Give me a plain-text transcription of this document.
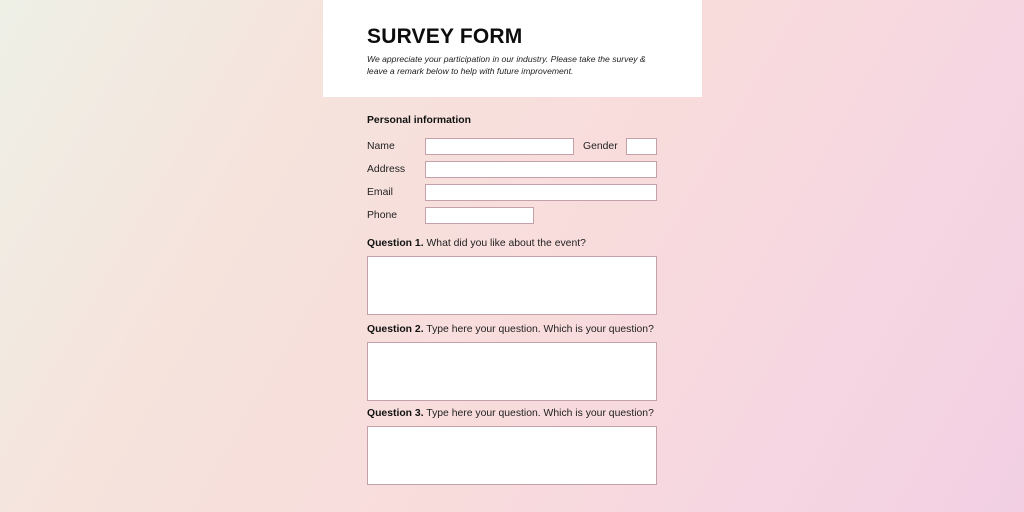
SURVEY FORM

We appreciate your participation in our industry. Please take the survey & leave a remark below to help with future improvement.

Personal information
Name	Gender
Address
Email
Phone
Question 1. What did you like about the event?
Question 2. Type here your question. Which is your question?
Question 3. Type here your question. Which is your question?
